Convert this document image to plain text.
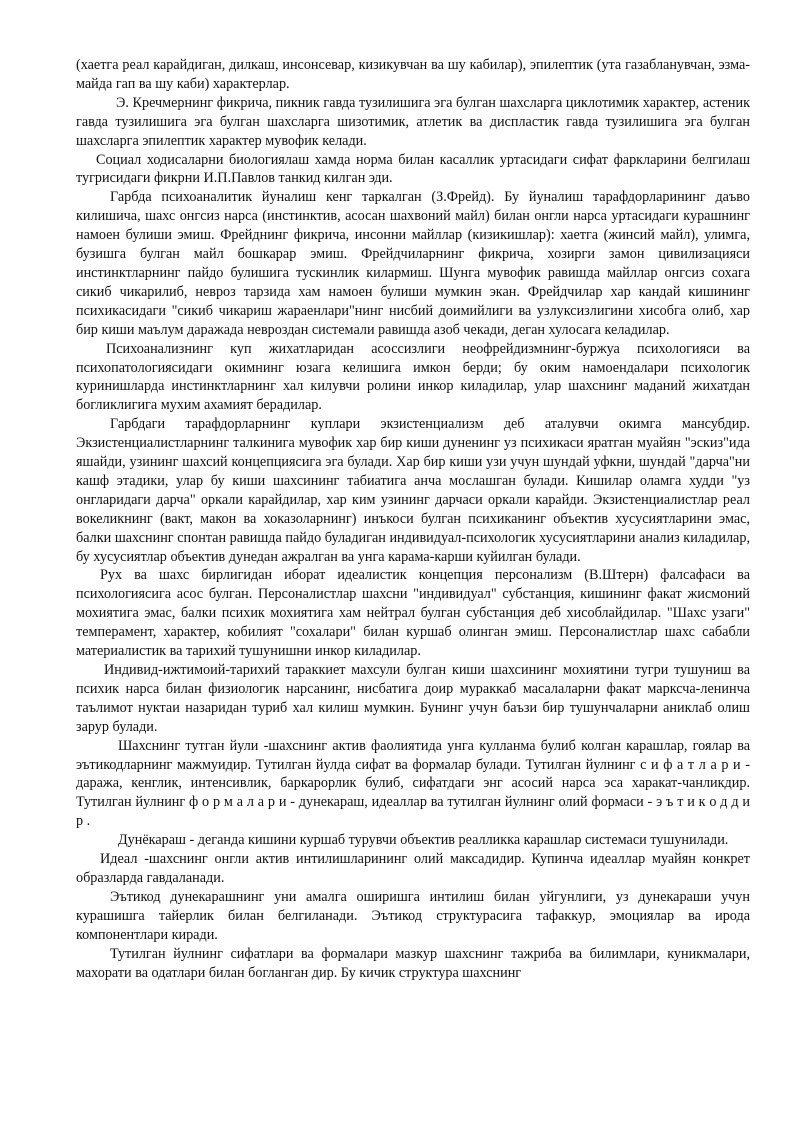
(хаетга реал карайдиган, дилкаш, инсонсевар, кизикувчан ва шу кабилар), эпилептик (ута газабланувчан, эзма-майда гап ва шу каби) характерлар.

Э. Кречмернинг фикрича, пикник гавда тузилишига эга булган шахсларга циклотимик характер, астеник гавда тузилишига эга булган шахсларга шизотимик, атлетик ва диспластик гавда тузилишига эга булган шахсларга эпилептик характер мувофик келади.

Социал ходисаларни биологиялаш хамда норма билан касаллик уртасидаги сифат фаркларини белгилаш тугрисидаги фикрни И.П.Павлов танкид килган эди.

Гарбда психоаналитик йуналиш кенг таркалган (З.Фрейд). Бу йуналиш тарафдорларининг даъво килишича, шахс онгсиз нарса (инстинктив, асосан шахвоний майл) билан онгли нарса уртасидаги курашнинг намоен булиши эмиш. Фрейднинг фикрича, инсонни майллар (кизикишлар): хаетга (жинсий майл), улимга, бузишга булган майл бошкарар эмиш. Фрейдчиларнинг фикрича, хозирги замон цивилизацияси инстинктларнинг пайдо булишига тускинлик килармиш. Шунга мувофик равишда майллар онгсиз сохага сикиб чикарилиб, невроз тарзида хам намоен булиши мумкин экан. Фрейдчилар хар кандай кишининг психикасидаги "сикиб чикариш жараенлари"нинг нисбий доимийлиги ва узлуксизлигини хисобга олиб, хар бир киши маълум даражада невроздан системали равишда азоб чекади, деган хулосага келадилар.

Психоанализнинг куп жихатларидан асоссизлиги неофрейдизмнинг-буржуа психологияси ва психопатологиясидаги окимнинг юзага келишига имкон берди; бу оким намоендалари психологик куринишларда инстинктларнинг хал килувчи ролини инкор киладилар, улар шахснинг маданий жихатдан богликлигига мухим ахамият берадилар.

Гарбдаги тарафдорларнинг куплари экзистенциализм деб аталувчи окимга мансубдир. Экзистенциалистларнинг талкинига мувофик хар бир киши дуненинг уз психикаси яратган муайян "эскиз"ида яшайди, узининг шахсий концепциясига эга булади. Хар бир киши узи учун шундай уфкни, шундай "дарча"ни кашф этадики, улар бу киши шахсининг табиатига анча мослашган булади. Кишилар оламга худди "уз онгларидаги дарча" оркали карайдилар, хар ким узининг дарчаси оркали карайди. Экзистенциалистлар реал вокеликнинг (вакт, макон ва хоказоларнинг) инъкоси булган психиканинг объектив хусусиятларини эмас, балки шахснинг спонтан равишда пайдо буладиган индивидуал-психологик хусусиятларини анализ киладилар, бу хусусиятлар объектив дунедан ажралган ва унга карама-карши куйилган булади.

Рух ва шахс бирлигидан иборат идеалистик концепция персонализм (В.Штерн) фалсафаси ва психологиясига асос булган. Персоналистлар шахсни "индивидуал" субстанция, кишининг факат жисмоний мохиятига эмас, балки психик мохиятига хам нейтрал булган субстанция деб хисоблайдилар. "Шахс узаги" темперамент, характер, кобилият "сохалари" билан куршаб олинган эмиш. Персоналистлар шахс сабабли материалистик ва тарихий тушунишни инкор киладилар.

Индивид-ижтимоий-тарихий тараккиет махсули булган киши шахсининг мохиятини тугри тушуниш ва психик нарса билан физиологик нарсанинг, нисбатига доир мураккаб масалаларни факат марксча-ленинча таълимот нуктаи назаридан туриб хал килиш мумкин. Бунинг учун баъзи бир тушунчаларни аниклаб олиш зарур булади.

Шахснинг тутган йули -шахснинг актив фаолиятида унга кулланма булиб колган карашлар, гоялар ва эътикодларнинг мажмуидир. Тутилган йулда сифат ва формалар булади. Тутилган йулнинг с и ф а т л а р и - даража, кенглик, интенсивлик, баркарорлик булиб, сифатдаги энг асосий нарса эса харакат-чанликдир. Тутилган йулнинг ф о р м а л а р и - дунекараш, идеаллар ва тутилган йулнинг олий формаси - э ъ т и к о д д и р .

Дунёкараш - деганда кишини куршаб турувчи объектив реалликка карашлар системаси тушунилади.

Идеал -шахснинг онгли актив интилишларининг олий максадидир. Купинча идеаллар муайян конкрет образларда гавдаланади.

Эътикод дунекарашнинг уни амалга оширишга интилиш билан уйгунлиги, уз дунекараши учун курашишга тайерлик билан белгиланади. Эътикод структурасига тафаккур, эмоциялар ва ирода компонентлари киради.

Тутилган йулнинг сифатлари ва формалари мазкур шахснинг тажриба ва билимлари, куникмалари, махорати ва одатлари билан богланган дир. Бу кичик структура шахснинг
